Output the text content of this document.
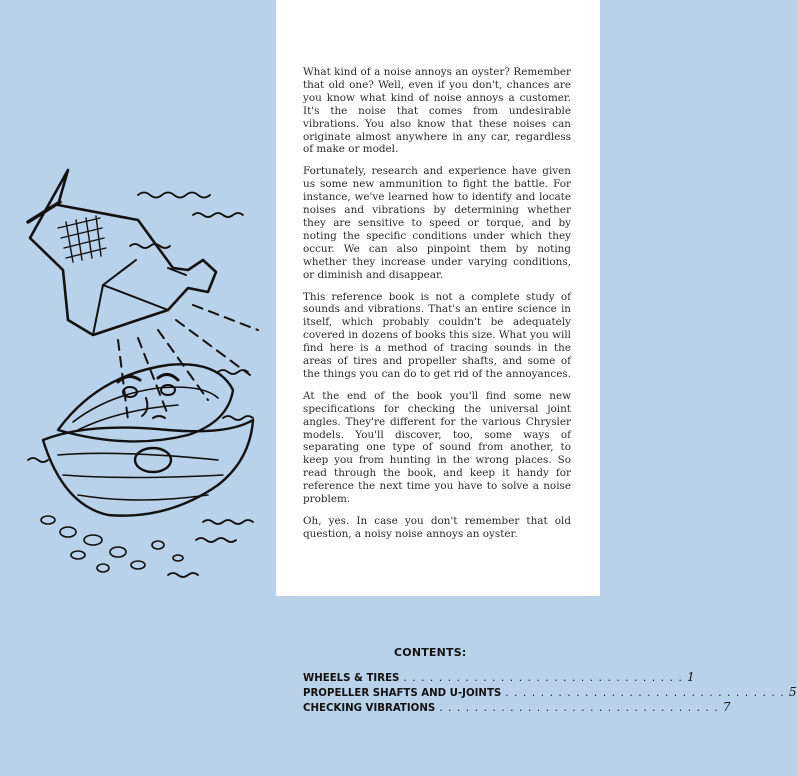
What kind of a noise annoys an oyster? Remember that old one? Well, even if you don't, chances are you know what kind of noise annoys a customer. It's the noise that comes from undesirable vibrations. You also know that these noises can originate almost anywhere in any car, regardless of make or model.

Fortunately, research and experience have given us some new ammunition to fight the battle. For instance, we've learned how to identify and locate noises and vibrations by determining whether they are sensitive to speed or torque, and by noting the specific conditions under which they occur. We can also pinpoint them by noting whether they increase under varying conditions, or diminish and disappear.

This reference book is not a complete study of sounds and vibrations. That's an entire science in itself, which probably couldn't be adequately covered in dozens of books this size. What you will find here is a method of tracing sounds in the areas of tires and propeller shafts, and some of the things you can do to get rid of the annoyances.

At the end of the book you'll find some new specifications for checking the universal joint angles. They're different for the various Chrysler models. You'll discover, too, some ways of separating one type of sound from another, to keep you from hunting in the wrong places. So read through the book, and keep it handy for reference the next time you have to solve a noise problem.

Oh, yes. In case you don't remember that old question, a noisy noise annoys an oyster.

CONTENTS:
WHEELS & TIRES . . . . . . . . . . . . . . . . . . . . . . . . . . . . . . . . 1
PROPELLER SHAFTS AND U-JOINTS . . . . . . . . . . . . . . . . . . . . . . . . . . . . . . . . 5
CHECKING VIBRATIONS . . . . . . . . . . . . . . . . . . . . . . . . . . . . . . . . 7
